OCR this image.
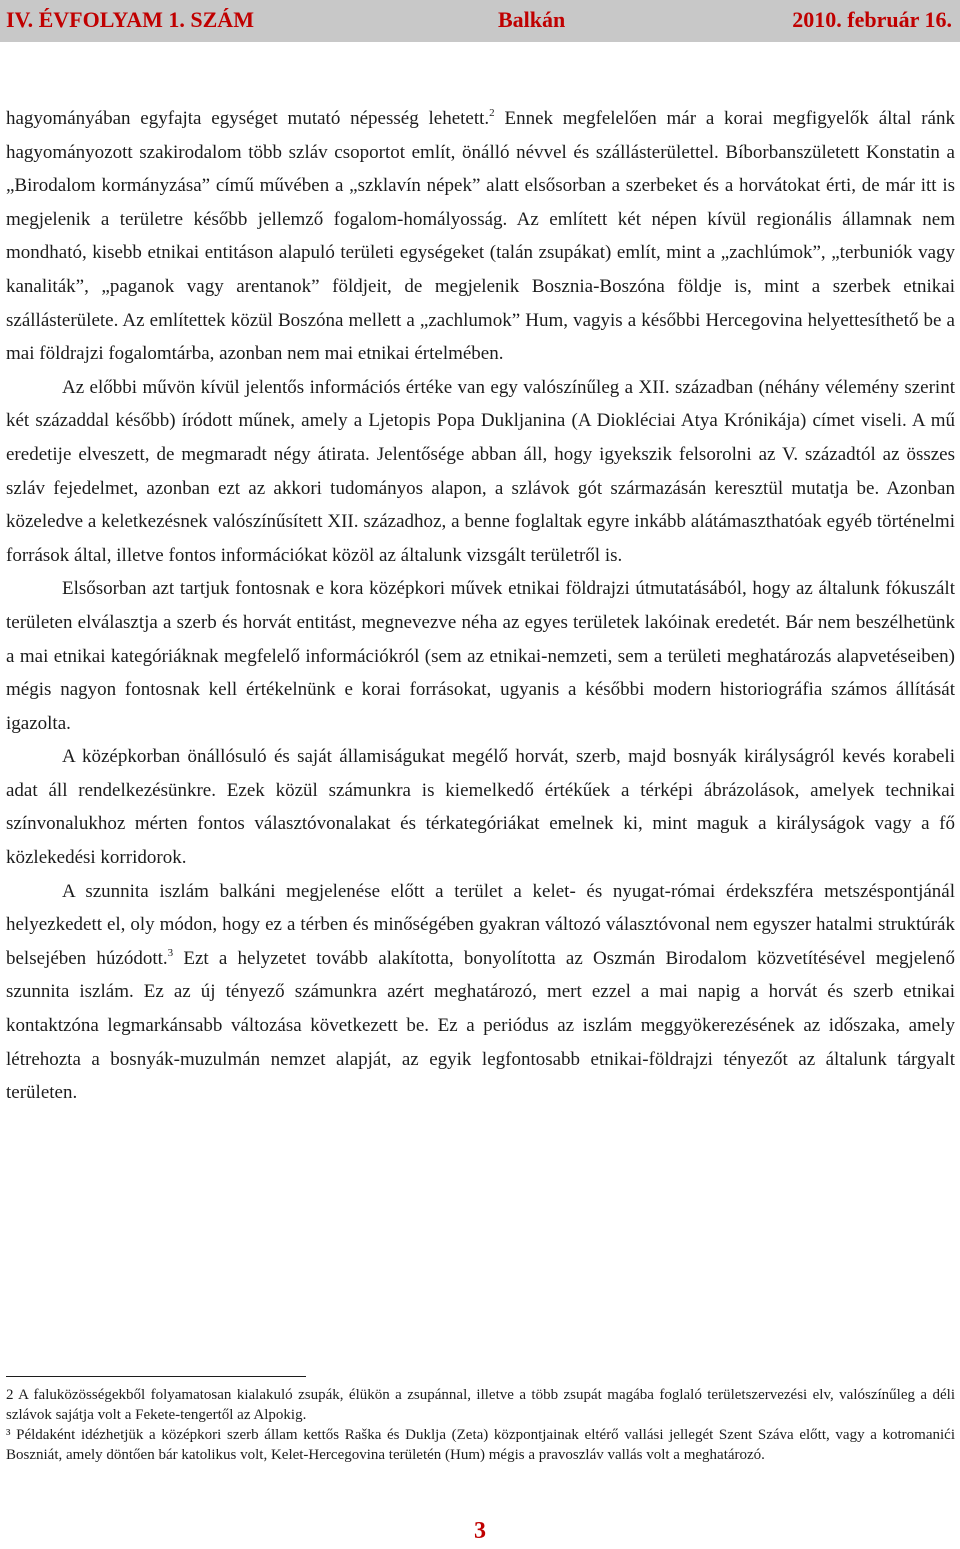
IV. ÉVFOLYAM 1. SZÁM	Balkán	2010. február 16.

hagyományában egyfajta egységet mutató népesség lehetett.$^2$ Ennek megfelelően már a korai megfigyelők által ránk hagyományozott szakirodalom több szláv csoportot említ, önálló névvel és szállásterülettel. Bíborbanszületett Konstatin a „Birodalom kormányzása” című művében a „szklavín népek” alatt elsősorban a szerbeket és a horvátokat érti, de már itt is megjelenik a területre később jellemző fogalom-homályosság. Az említett két népen kívül regionális államnak nem mondható, kisebb etnikai entitáson alapuló területi egységeket (talán zsupákat) említ, mint a „zachlúmok”, „terbuniók vagy kanaliták”, „paganok vagy arentanok” földjeit, de megjelenik Bosznia-Boszóna földje is, mint a szerbek etnikai szállásterülete. Az említettek közül Boszóna mellett a „zachlumok” Hum, vagyis a későbbi Hercegovina helyettesíthető be a mai földrajzi fogalomtárba, azonban nem mai etnikai értelmében.

Az előbbi művön kívül jelentős információs értéke van egy valószínűleg a XII. században (néhány vélemény szerint két századdal később) íródott műnek, amely a Ljetopis Popa Dukljanina (A Diokléciai Atya Krónikája) címet viseli. A mű eredetije elveszett, de megmaradt négy átirata. Jelentősége abban áll, hogy igyekszik felsorolni az V. századtól az összes szláv fejedelmet, azonban ezt az akkori tudományos alapon, a szlávok gót származásán keresztül mutatja be. Azonban közeledve a keletkezésnek valószínűsített XII. századhoz, a benne foglaltak egyre inkább alátámaszthatóak egyéb történelmi források által, illetve fontos információkat közöl az általunk vizsgált területről is.

Elsősorban azt tartjuk fontosnak e kora középkori művek etnikai földrajzi útmutatásából, hogy az általunk fókuszált területen elválasztja a szerb és horvát entitást, megnevezve néha az egyes területek lakóinak eredetét. Bár nem beszélhetünk a mai etnikai kategóriáknak megfelelő információkról (sem az etnikai-nemzeti, sem a területi meghatározás alapvetéseiben) mégis nagyon fontosnak kell értékelnünk e korai forrásokat, ugyanis a későbbi modern historiográfia számos állítását igazolta.

A középkorban önállósuló és saját államiságukat megélő horvát, szerb, majd bosnyák királyságról kevés korabeli adat áll rendelkezésünkre. Ezek közül számunkra is kiemelkedő értékűek a térképi ábrázolások, amelyek technikai színvonalukhoz mérten fontos választóvonalakat és térkategóriákat emelnek ki, mint maguk a királyságok vagy a fő közlekedési korridorok.

A szunnita iszlám balkáni megjelenése előtt a terület a kelet- és nyugat-római érdekszféra metszéspontjánál helyezkedett el, oly módon, hogy ez a térben és minőségében gyakran változó választóvonal nem egyszer hatalmi struktúrák belsejében húzódott.$^3$ Ezt a helyzetet tovább alakította, bonyolította az Oszmán Birodalom közvetítésével megjelenő szunnita iszlám. Ez az új tényező számunkra azért meghatározó, mert ezzel a mai napig a horvát és szerb etnikai kontaktzóna legmarkánsabb változása következett be. Ez a periódus az iszlám meggyökerezésének az időszaka, amely létrehozta a bosnyák-muzulmán nemzet alapját, az egyik legfontosabb etnikai-földrajzi tényezőt az általunk tárgyalt területen.

2 A faluközösségekből folyamatosan kialakuló zsupák, élükön a zsupánnal, illetve a több zsupát magába foglaló területszervezési elv, valószínűleg a déli szlávok sajátja volt a Fekete-tengertől az Alpokig.

³ Példaként idézhetjük a középkori szerb állam kettős Raška és Duklja (Zeta) központjainak eltérő vallási jellegét Szent Száva előtt, vagy a kotromanići Boszniát, amely döntően bár katolikus volt, Kelet-Hercegovina területén (Hum) mégis a pravoszláv vallás volt a meghatározó.

3
